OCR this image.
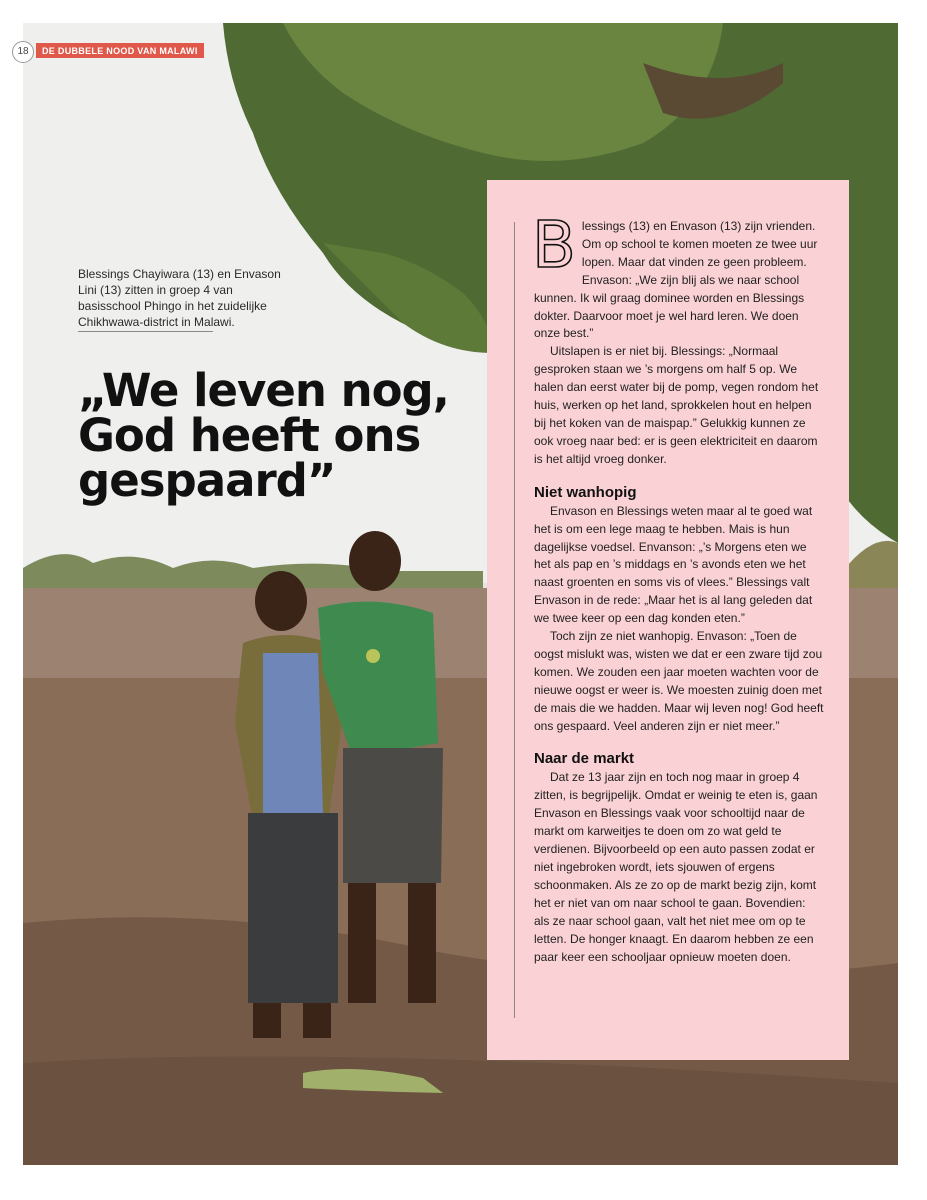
18	DE DUBBELE NOOD VAN MALAWI
Blessings Chayiwara (13) en Envason Lini (13) zitten in groep 4 van basisschool Phingo in het zuidelijke Chikhwawa-district in Malawi.
„We leven nog, God heeft ons gespaard”

Blessings (13) en Envason (13) zijn vrienden. Om op school te komen moeten ze twee uur lopen. Maar dat vinden ze geen probleem. Envason: „We zijn blij als we naar school kunnen. Ik wil graag dominee worden en Blessings dokter. Daarvoor moet je wel hard leren. We doen onze best.”

Uitslapen is er niet bij. Blessings: „Normaal gesproken staan we ’s morgens om half 5 op. We halen dan eerst water bij de pomp, vegen rondom het huis, werken op het land, sprokkelen hout en helpen bij het koken van de maispap.” Gelukkig kunnen ze ook vroeg naar bed: er is geen elektriciteit en daarom is het altijd vroeg donker.

Niet wanhopig

Envason en Blessings weten maar al te goed wat het is om een lege maag te hebben. Mais is hun dagelijkse voedsel. Envanson: „’s Morgens eten we het als pap en ’s middags en ’s avonds eten we het naast groenten en soms vis of vlees.” Blessings valt Envason in de rede: „Maar het is al lang geleden dat we twee keer op een dag konden eten.”

Toch zijn ze niet wanhopig. Envason: „Toen de oogst mislukt was, wisten we dat er een zware tijd zou komen. We zouden een jaar moeten wachten voor de nieuwe oogst er weer is. We moesten zuinig doen met de mais die we hadden. Maar wij leven nog! God heeft ons gespaard. Veel anderen zijn er niet meer.”

Naar de markt

Dat ze 13 jaar zijn en toch nog maar in groep 4 zitten, is begrijpelijk. Omdat er weinig te eten is, gaan Envason en Blessings vaak voor schooltijd naar de markt om karweitjes te doen om zo wat geld te verdienen. Bijvoorbeeld op een auto passen zodat er niet ingebroken wordt, iets sjouwen of ergens schoonmaken. Als ze zo op de markt bezig zijn, komt het er niet van om naar school te gaan. Bovendien: als ze naar school gaan, valt het niet mee om op te letten. De honger knaagt. En daarom hebben ze een paar keer een schooljaar opnieuw moeten doen.
